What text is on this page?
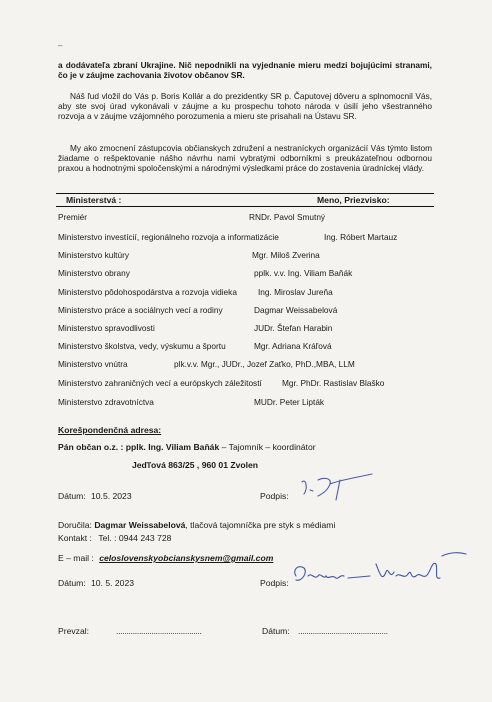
–
a dodávateľa zbraní Ukrajine. Nič nepodnikli na vyjednanie mieru medzi bojujúcimi stranami, čo je v záujme zachovania životov občanov SR.
Náš ľud vložil do Vás p. Boris Kollár a do prezidentky SR p. Čaputovej dôveru a splnomocnil Vás, aby ste svoj úrad vykonávali v záujme a ku prospechu tohoto národa v úsilí jeho všestranného rozvoja a v záujme vzájomného porozumenia a mieru ste prisahali na Ústavu SR.
My ako zmocnení zástupcovia občianskych združení a nestraníckych organizácií Vás týmto listom žiadame o rešpektovanie nášho návrhu nami vybratými odborníkmi s preukázateľnou odbornou praxou a hodnotnými spoločenskými a národnými výsledkami práce do zostavenia úradníckej vlády.
Ministerstvá :	Meno, Priezvisko:
Premiér	RNDr. Pavol Smutný
Ministerstvo investícií, regionálneho rozvoja a informatizácie	Ing. Róbert Martauz
Ministerstvo kultúry	Mgr. Miloš Zverina
Ministerstvo obrany	pplk. v.v. Ing. Viliam Baňák
Ministerstvo pôdohospodárstva a rozvoja vidieka	Ing. Miroslav Jureňa
Ministerstvo práce a sociálnych vecí a rodiny	Dagmar Weissabelová
Ministerstvo spravodlivosti	JUDr. Štefan Harabin
Ministerstvo školstva, vedy, výskumu a športu	Mgr. Adriana Kráľová
Ministerstvo vnútra	plk.v.v. Mgr., JUDr., Jozef Zaťko, PhD.,MBA, LLM
Ministerstvo zahraničných vecí a európskych záležitostí Mgr. PhDr. Rastislav Blaško
Ministerstvo zdravotníctva	MUDr. Peter Lipták
Korešpondenčná adresa:
Pán občan o.z. : pplk. Ing. Viliam Baňák – Tajomník – koordinátor
Jeďľová 863/25 , 960 01 Zvolen
Dátum: 10.5. 2023	Podpis:
Doručila: Dagmar Weissabelová, tlačová tajomníčka pre styk s médiami
Kontakt : Tel. : 0944 243 728
E – mail : celoslovenskyobcianskysnem@gmail.com
Dátum: 10. 5. 2023	Podpis:
Prevzal:	.........................................	Dátum: ...........................................
